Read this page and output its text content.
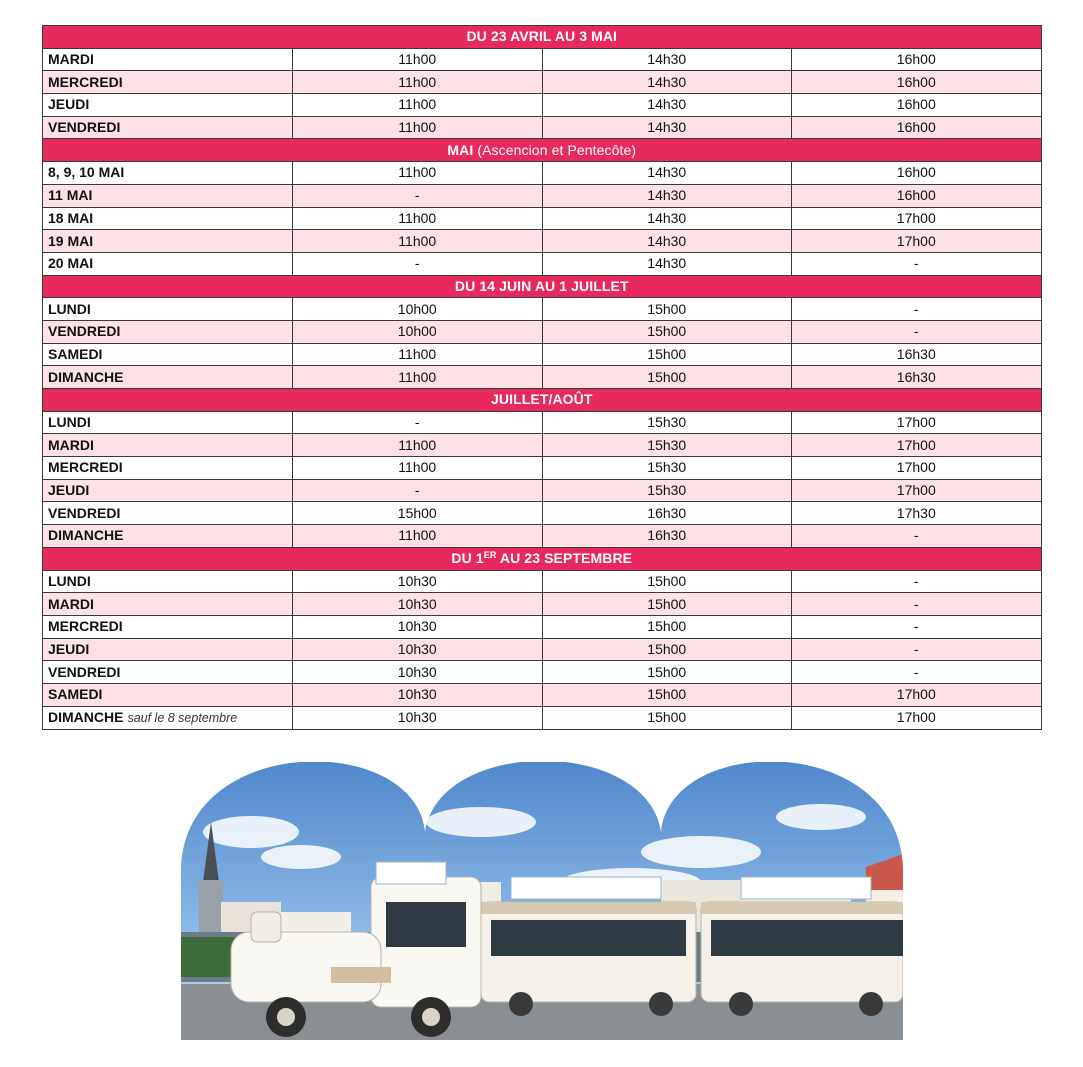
DU 23 AVRIL AU 3 MAI			
MARDI	11h00	14h30	16h00
MERCREDI	11h00	14h30	16h00
JEUDI	11h00	14h30	16h00
VENDREDI	11h00	14h30	16h00
MAI (Ascencion et Pentecôte)			
8, 9, 10 MAI	11h00	14h30	16h00
11 MAI	-	14h30	16h00
18 MAI	11h00	14h30	17h00
19 MAI	11h00	14h30	17h00
20 MAI	-	14h30	-
DU 14 JUIN AU 1 JUILLET			
LUNDI	10h00	15h00	-
VENDREDI	10h00	15h00	-
SAMEDI	11h00	15h00	16h30
DIMANCHE	11h00	15h00	16h30
JUILLET/AOÛT			
LUNDI	-	15h30	17h00
MARDI	11h00	15h30	17h00
MERCREDI	11h00	15h30	17h00
JEUDI	-	15h30	17h00
VENDREDI	15h00	16h30	17h30
DIMANCHE	11h00	16h30	-
DU 1ER AU 23 SEPTEMBRE			
LUNDI	10h30	15h00	-
MARDI	10h30	15h00	-
MERCREDI	10h30	15h00	-
JEUDI	10h30	15h00	-
VENDREDI	10h30	15h00	-
SAMEDI	10h30	15h00	17h00
DIMANCHE sauf le 8 septembre	10h30	15h00	17h00
